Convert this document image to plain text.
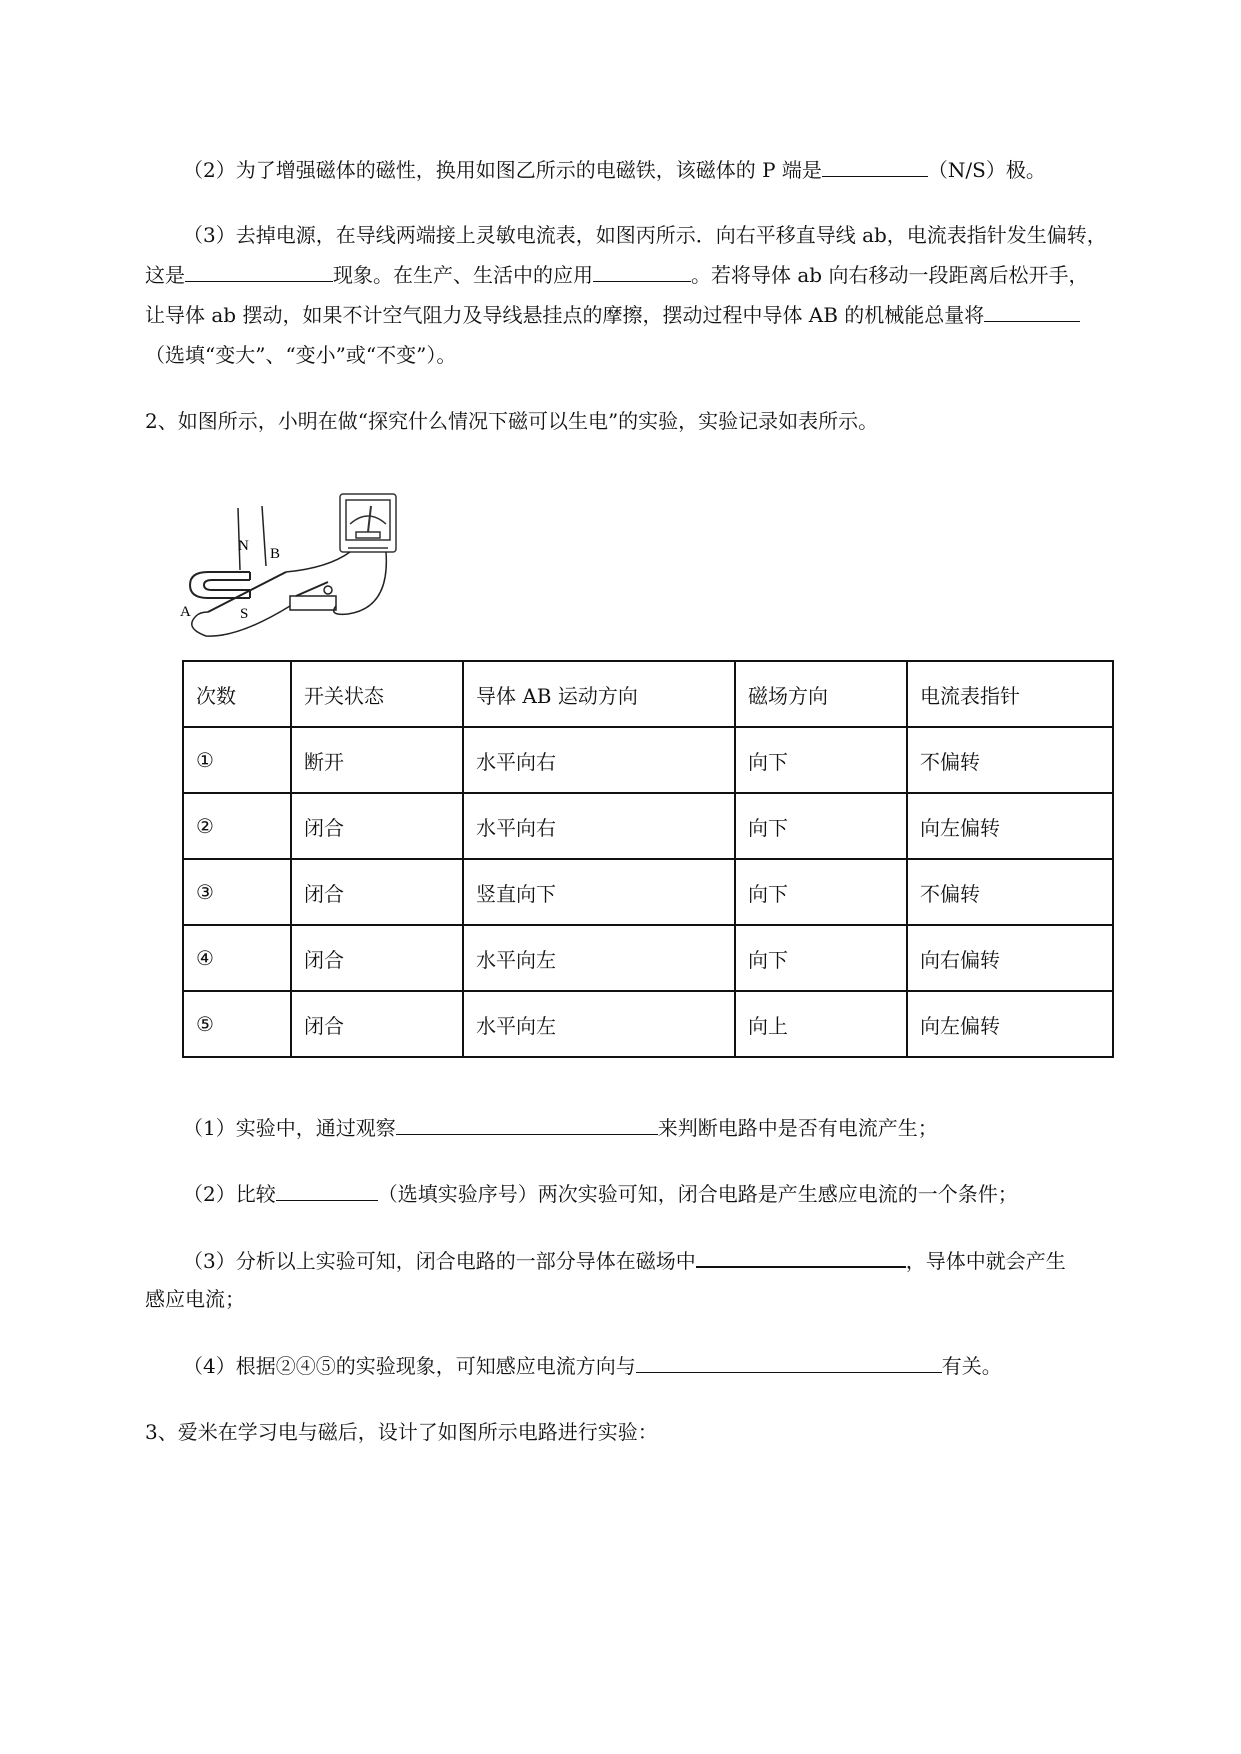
（2）为了增强磁体的磁性，换用如图乙所示的电磁铁，该磁体的 P 端是	（N/S）极。
（3）去掉电源，在导线两端接上灵敏电流表，如图丙所示．向右平移直导线 ab，电流表指针发生偏转，
这是	现象。在生产、生活中的应用	。若将导体 ab 向右移动一段距离后松开手，
让导体 ab 摆动，如果不计空气阻力及导线悬挂点的摩擦，摆动过程中导体 AB 的机械能总量将
（选填“变大”、“变小”或“不变”）。
2、如图所示，小明在做“探究什么情况下磁可以生电”的实验，实验记录如表所示。
N B
A	S
次数	开关状态	导体 AB 运动方向	磁场方向	电流表指针
①	断开	水平向右	向下	不偏转
②	闭合	水平向右	向下	向左偏转
③	闭合	竖直向下	向下	不偏转
④	闭合	水平向左	向下	向右偏转
⑤	闭合	水平向左	向上	向左偏转
（1）实验中，通过观察	来判断电路中是否有电流产生；
（2）比较	（选填实验序号）两次实验可知，闭合电路是产生感应电流的一个条件；
（3）分析以上实验可知，闭合电路的一部分导体在磁场中	，导体中就会产生
感应电流；
（4）根据②④⑤的实验现象，可知感应电流方向与	有关。
3、爱米在学习电与磁后，设计了如图所示电路进行实验：
